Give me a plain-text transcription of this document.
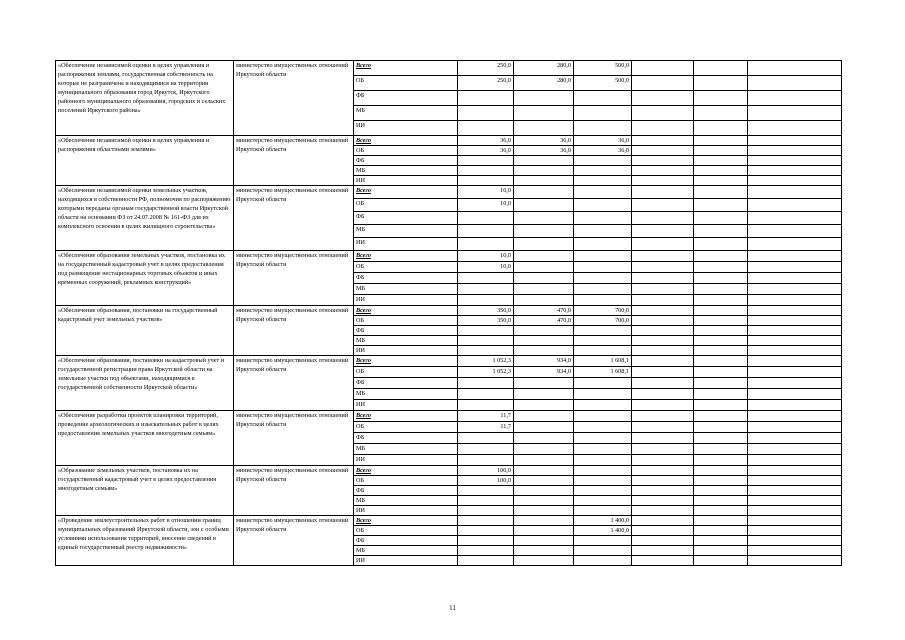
«Обеспечение независимой оценки в целях управления и распоряжения землями, государственная собственность на которые не разграничена и находящимися на территории муниципального образования город Иркутск, Иркутского районного муниципального образования, городских и сельских поселений Иркутского района»	министерство имущественных отношений Иркутской области	Всего	250,0	280,0	500,0			
		ОБ	250,0	280,0	500,0			
		ФБ						
		МБ						
		ИИ						
«Обеспечение независимой оценки в целях управления и распоряжения областными землями»	министерство имущественных отношений Иркутской области	Всего	36,0	36,0	36,0			
		ОБ	36,0	36,0	36,0			
		ФБ						
		МБ						
		ИИ						
«Обеспечение независимой оценки земельных участков, находящихся в собственности РФ, полномочия по распоряжению которыми переданы органам государственной власти Иркутской области на основании ФЗ от 24.07.2008 № 161-ФЗ для их комплексного освоения в целях жилищного строительства»	министерство имущественных отношений Иркутской области	Всего	10,0					
		ОБ	10,0					
		ФБ						
		МБ						
		ИИ						
«Обеспечение образования земельных участков, постановка их на государственный кадастровый учет в целях предоставления под размещение нестационарных торговых объектов и иных временных сооружений, рекламных конструкций»	министерство имущественных отношений Иркутской области	Всего	10,0					
		ОБ	10,0					
		ФБ						
		МБ						
		ИИ						
«Обеспечение образования, постановки на государственный кадастровый учет земельных участков»	министерство имущественных отношений Иркутской области	Всего	350,0	470,0	700,0			
		ОБ	350,0	470,0	700,0			
		ФБ						
		МБ						
		ИИ						
«Обеспечение образования, постановки на кадастровый учет и государственной регистрации права Иркутской области на земельные участки под объектами, находящимися в государственной собственности Иркутской области»	министерство имущественных отношений Иркутской области	Всего	1 052,3	934,0	1 608,1			
		ОБ	1 052,3	934,0	1 608,1			
		ФБ						
		МБ						
		ИИ						
«Обеспечение разработки проектов планировки территорий, проведение археологических и изыскательных работ в целях предоставления земельных участков многодетным семьям»	министерство имущественных отношений Иркутской области	Всего	11,7					
		ОБ	11,7					
		ФБ						
		МБ						
		ИИ						
«Образование земельных участков, постановка их на государственный кадастровый учет в целях предоставления многодетным семьям»	министерство имущественных отношений Иркутской области	Всего	100,0					
		ОБ	100,0					
		ФБ						
		МБ						
		ИИ						
«Проведение землеустроительных работ в отношении границ муниципальных образований Иркутской области, зон с особыми условиями использования территорий, внесение сведений в единый государственный реестр недвижимости»	министерство имущественных отношений Иркутской области	Всего			1 400,0			
		ОБ			1 400,0			
		ФБ						
		МБ						
		ИИ						
11
